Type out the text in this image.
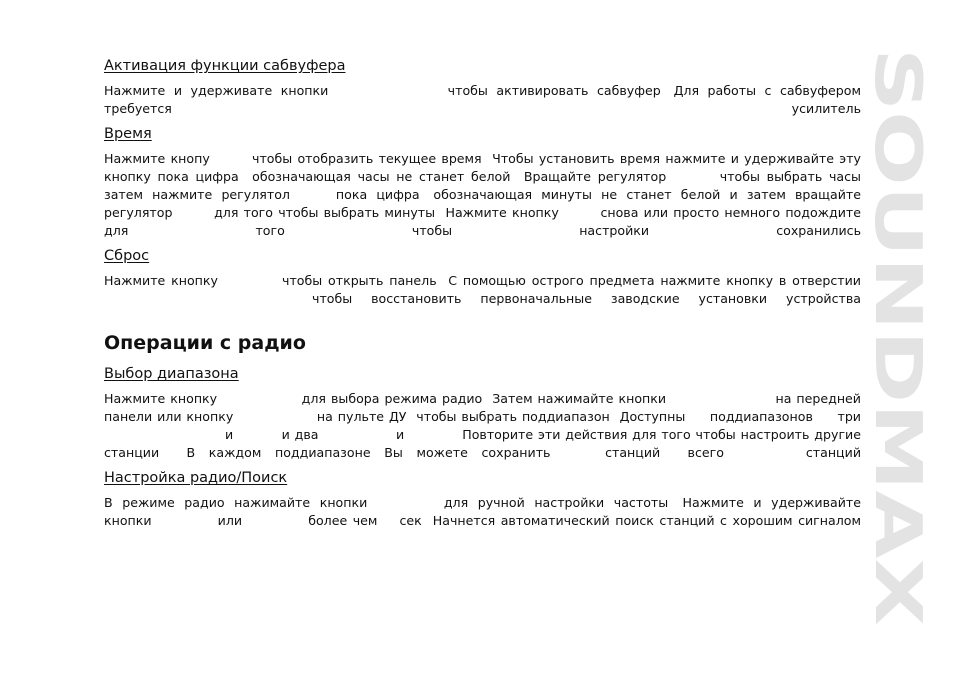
Активация функции сабвуфера
Нажмите  и  удерживате  кнопки                            чтобы  активировать  сабвуфер   Для  работы  с  сабвуфером
требуется усилитель
Время
Нажмите кнопу        чтобы отобразить текущее время  Чтобы установить время нажмите и удерживайте эту
кнопку пока цифра  обозначающая часы не станет белой  Вращайте регулятор        чтобы выбрать часы
затем  нажмите  регулятол          пока  цифра   обозначающая  минуты  не  станет  белой  и  затем  вращайте
регулятор        для того чтобы выбрать минуты  Нажмите кнопку        снова или просто немного подождите
для того чтобы настройки сохранились
Сброс
Нажмите кнопку           чтобы открыть панель  С помощью острого предмета нажмите кнопку в отверстии
чтобы восстановить первоначальные заводские установки устройства
Операции с радио
Выбор диапазона
Нажмите кнопку                 для выбора режима радио  Затем нажимайте кнопки                      на передней
панели или кнопку                 на пульте ДУ  чтобы выбрать поддиапазон  Доступны     поддиапазонов     три
и          и два                и            Повторите эти действия для того чтобы настроить другие
станции  В каждом поддиапазоне Вы можете сохранить    станций  всего      станций
Настройка радио/Поиск
В  режиме  радио  нажимайте  кнопки                для  ручной  настройки  частоты   Нажмите  и  удерживайте
кнопки            или            более чем    сек  Начнется автоматический поиск станций с хорошим сигналом
SOUNDMAX
